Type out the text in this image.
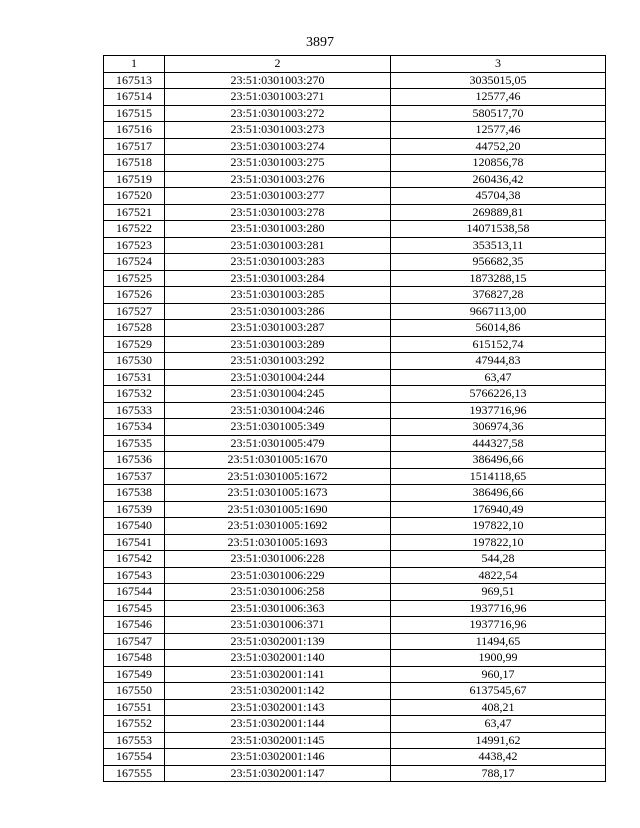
3897
1	2	3
167513	23:51:0301003:270	3035015,05
167514	23:51:0301003:271	12577,46
167515	23:51:0301003:272	580517,70
167516	23:51:0301003:273	12577,46
167517	23:51:0301003:274	44752,20
167518	23:51:0301003:275	120856,78
167519	23:51:0301003:276	260436,42
167520	23:51:0301003:277	45704,38
167521	23:51:0301003:278	269889,81
167522	23:51:0301003:280	14071538,58
167523	23:51:0301003:281	353513,11
167524	23:51:0301003:283	956682,35
167525	23:51:0301003:284	1873288,15
167526	23:51:0301003:285	376827,28
167527	23:51:0301003:286	9667113,00
167528	23:51:0301003:287	56014,86
167529	23:51:0301003:289	615152,74
167530	23:51:0301003:292	47944,83
167531	23:51:0301004:244	63,47
167532	23:51:0301004:245	5766226,13
167533	23:51:0301004:246	1937716,96
167534	23:51:0301005:349	306974,36
167535	23:51:0301005:479	444327,58
167536	23:51:0301005:1670	386496,66
167537	23:51:0301005:1672	1514118,65
167538	23:51:0301005:1673	386496,66
167539	23:51:0301005:1690	176940,49
167540	23:51:0301005:1692	197822,10
167541	23:51:0301005:1693	197822,10
167542	23:51:0301006:228	544,28
167543	23:51:0301006:229	4822,54
167544	23:51:0301006:258	969,51
167545	23:51:0301006:363	1937716,96
167546	23:51:0301006:371	1937716,96
167547	23:51:0302001:139	11494,65
167548	23:51:0302001:140	1900,99
167549	23:51:0302001:141	960,17
167550	23:51:0302001:142	6137545,67
167551	23:51:0302001:143	408,21
167552	23:51:0302001:144	63,47
167553	23:51:0302001:145	14991,62
167554	23:51:0302001:146	4438,42
167555	23:51:0302001:147	788,17
